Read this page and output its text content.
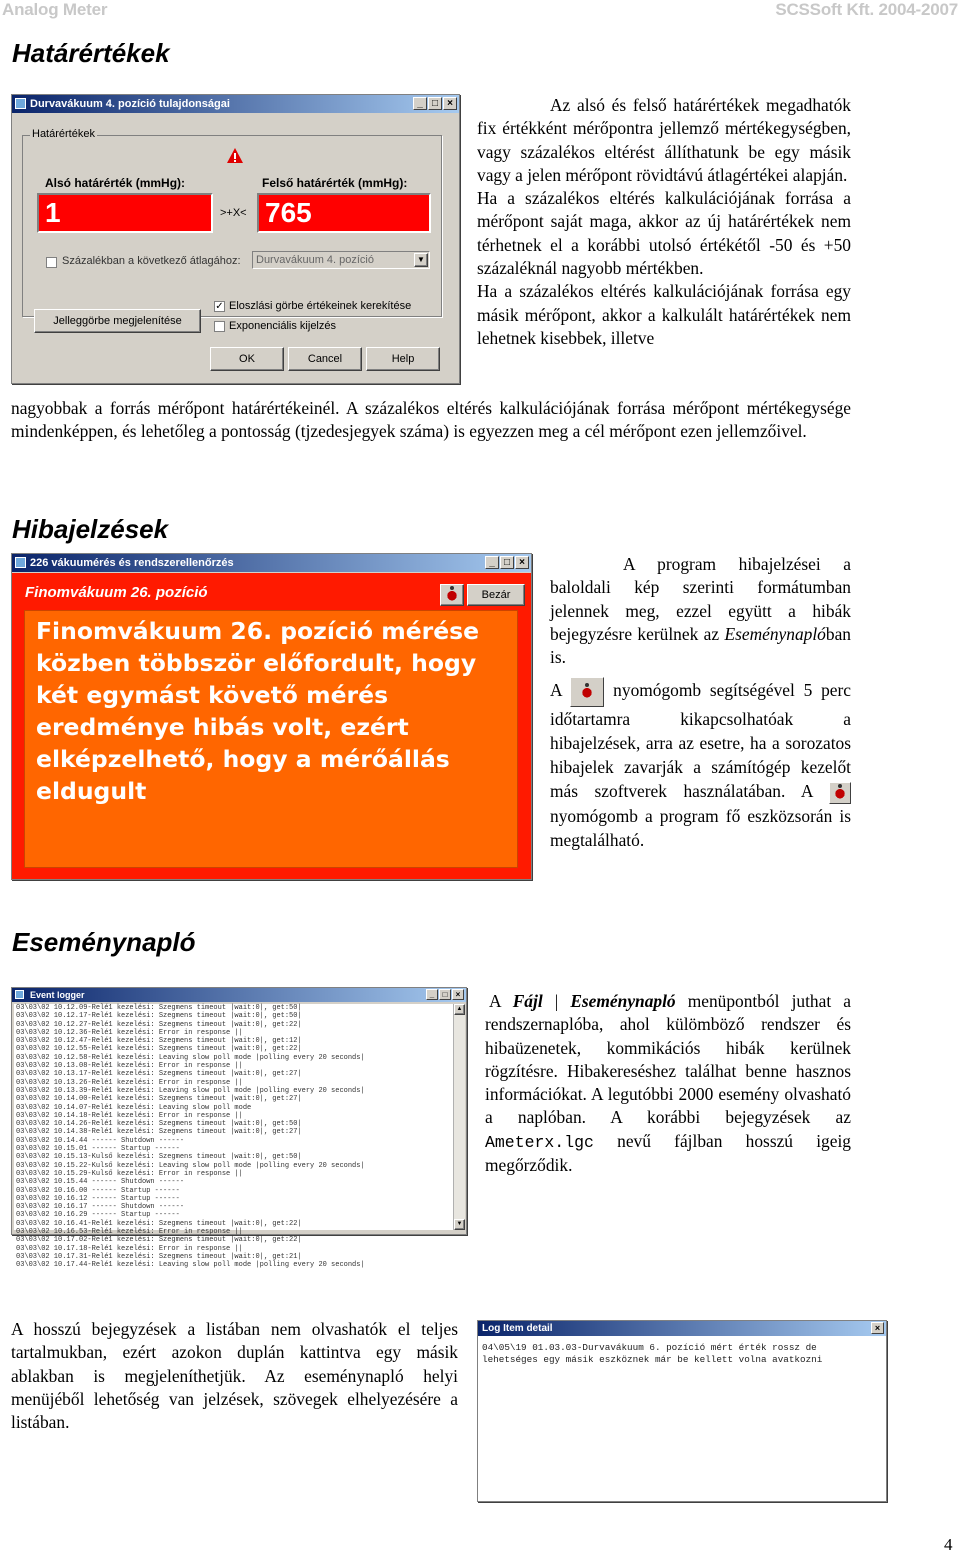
Analog Meter	SCSSoft Kft. 2004-2007
Határértékek
Durvavákuum 4. pozíció tulajdonságai	_ □ ×
Határértékek
Alsó határérték (mmHg):	Felső határérték (mmHg):
1	>+X< 765
Százalékban a következő átlagához: Durvavákuum 4. pozíció	▼
✓ Eloszlási görbe értékeinek kerekítése
Exponenciális kijelzés
Jelleggörbe megjelenítése
OK	Cancel	Help

Az alsó és felső határértékek megadhatók fix értékként mérőpontra jellemző mértékegységben, vagy százalékos eltérést állíthatunk be egy másik vagy a jelen mérőpont rövidtávú átlagértékei alapján.

Ha a százalékos eltérés kalkulációjának forrása a mérőpont saját maga, akkor az új határértékek nem térhetnek el a korábbi utolsó értékétől -50 és +50 százaléknál nagyobb mértékben.

Ha a százalékos eltérés kalkulációjának forrása egy másik mérőpont, akkor a kalkulált határértékek nem lehetnek kisebbek, illetve

nagyobbak a forrás mérőpont határértékeinél. A százalékos eltérés kalkulációjának forrása mérőpont mértékegysége mindenképpen, és lehetőleg a pontosság (tjzedesjegyek száma) is egyezzen meg a cél mérőpont ezen jellemzőivel.
Hibajelzések
226 vákuumérés és rendszerellenőrzés	_ □ ×
Finomvákuum 26. pozíció	Bezár
Finomvákuum 26. pozíció mérése közben többször előfordult, hogy két egymást követő mérés eredménye hibás volt, ezért elképzelhető, hogy a mérőállás eldugult

A program hibajelzései a baloldali kép szerinti formátumban jelennek meg, ezzel együtt a hibák bejegyzésre kerülnek az Eseménynaplóban is.

A	nyomógomb segítségével 5 perc időtartamra kikapcsolhatóak a hibajelzések, arra az esetre, ha a sorozatos hibajelek zavarják a számítógép kezelőt más szoftverek használatában. A
nyomógomb a program fő eszközsorán is megtalálható.

Eseménynapló
Event logger	_	□	×
03\03\02 10.12.09-Relé1 kezelési: Szegmens timeout |wait:0|, get:50|
03\03\02 10.12.17-Relé1 kezelési: Szegmens timeout |wait:0|, get:50|
03\03\02 10.12.27-Relé1 kezelési: Szegmens timeout |wait:0|, get:22|
03\03\02 10.12.36-Relé1 kezelési: Error in response ||
03\03\02 10.12.47-Relé1 kezelési: Szegmens timeout |wait:0|, get:12|
03\03\02 10.12.55-Relé1 kezelési: Szegmens timeout |wait:0|, get:22|
03\03\02 10.12.58-Relé1 kezelési: Leaving slow poll mode |polling every 20 seconds|
03\03\02 10.13.08-Relé1 kezelési: Error in response ||
03\03\02 10.13.17-Relé1 kezelési: Szegmens timeout |wait:0|, get:27|
03\03\02 10.13.26-Relé1 kezelési: Error in response ||
03\03\02 10.13.39-Relé1 kezelési: Leaving slow poll mode |polling every 20 seconds|
03\03\02 10.14.00-Relé1 kezelési: Szegmens timeout |wait:0|, get:27|
03\03\02 10.14.07-Relé1 kezelési: Leaving slow poll mode
03\03\02 10.14.18-Relé1 kezelési: Error in response ||
03\03\02 10.14.26-Relé1 kezelési: Szegmens timeout |wait:0|, get:50|
03\03\02 10.14.38-Relé1 kezelési: Szegmens timeout |wait:0|, get:27|
03\03\02 10.14.44 ------ Shutdown ------
03\03\02 10.15.01 ------ Startup ------
03\03\02 10.15.13-Kulső kezelési: Szegmens timeout |wait:0|, get:50|
03\03\02 10.15.22-Kulső kezelési: Leaving slow poll mode |polling every 20 seconds|
03\03\02 10.15.29-Kulső kezelési: Error in response ||
03\03\02 10.15.44 ------ Shutdown ------
03\03\02 10.16.00 ------ Startup ------
03\03\02 10.16.12 ------ Startup ------
03\03\02 10.16.17 ------ Shutdown ------
03\03\02 10.16.29 ------ Startup ------
03\03\02 10.16.41-Relé1 kezelési: Szegmens timeout |wait:0|, get:22|
03\03\02 10.16.53-Relé1 kezelési: Error in response ||
03\03\02 10.17.02-Relé1 kezelési: Szegmens timeout |wait:0|, get:22|
03\03\02 10.17.18-Relé1 kezelési: Error in response ||
03\03\02 10.17.31-Relé1 kezelési: Szegmens timeout |wait:0|, get:21|
03\03\02 10.17.44-Relé1 kezelési: Leaving slow poll mode |polling every 20 seconds|
▲
▼

A Fájl | Eseménynapló menüpontból juthat a rendszernaplóba, ahol külömböző rendszer és hibaüzenetek, kommikációs hibák kerülnek rögzítésre. Hibakereséshez találhat benne hasznos információkat. A legutóbbi 2000 esemény olvasható a naplóban. A korábbi bejegyzések az Ameterx.lgc nevű fájlban hosszú igeig megőrződik.

A hosszú bejegyzések a listában nem olvashatók el teljes tartalmukban, ezért azokon duplán kattintva egy másik ablakban is megjeleníthetjük. Az eseménynapló helyi menüjéből lehetőség van jelzések, szövegek elhelyezésére a listában.
Log Item detail	×
04\05\19 01.03.03-Durvavákuum 6. pozíció mért érték rossz de
lehetséges egy másik eszköznek már be kellett volna avatkozni
4
